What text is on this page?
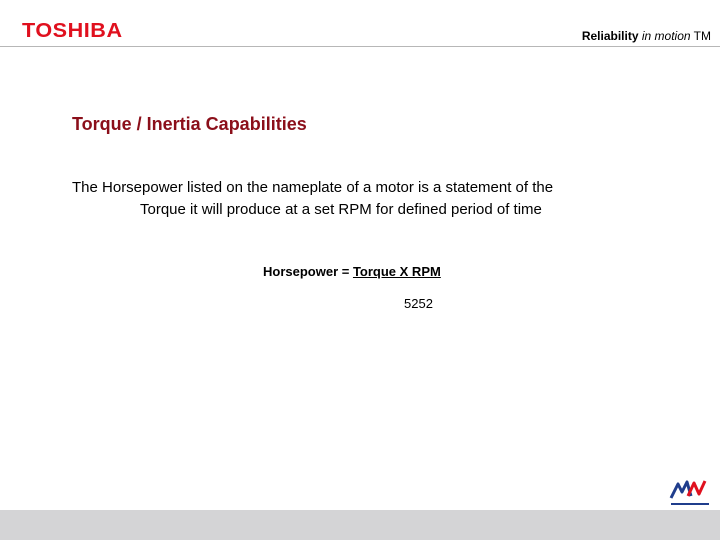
TOSHIBA	Reliability in motion TM
Torque / Inertia Capabilities
The Horsepower listed on the nameplate of a motor is a statement of the
Torque it will produce at a set RPM for defined period of time
Horsepower = Torque X RPM
5252
